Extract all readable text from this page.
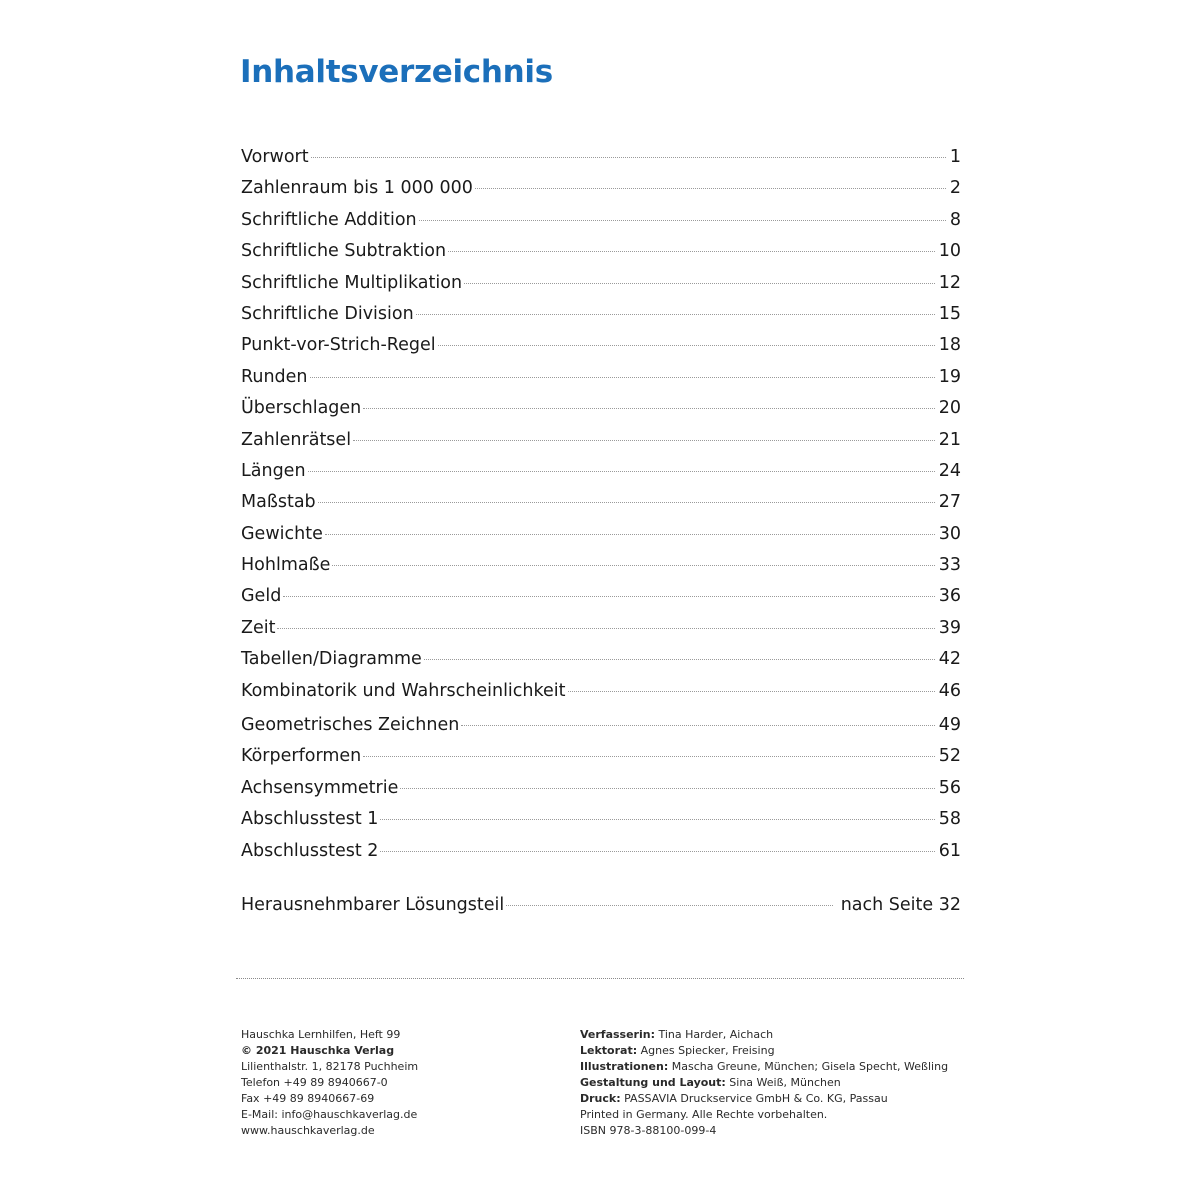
Inhaltsverzeichnis
Vorwort	1
Zahlenraum bis 1 000 000	2
Schriftliche Addition	8
Schriftliche Subtraktion	10
Schriftliche Multiplikation	12
Schriftliche Division	15
Punkt-vor-Strich-Regel	18
Runden	19
Überschlagen	20
Zahlenrätsel	21
Längen	24
Maßstab	27
Gewichte	30
Hohlmaße	33
Geld	36
Zeit	39
Tabellen/Diagramme	42
Kombinatorik und Wahrscheinlichkeit	46
Geometrisches Zeichnen	49
Körperformen	52
Achsensymmetrie	56
Abschlusstest 1	58
Abschlusstest 2	61
Herausnehmbarer Lösungsteil	nach Seite 32
Hauschka Lernhilfen, Heft 99
© 2021 Hauschka Verlag
Lilienthalstr. 1, 82178 Puchheim
Telefon +49 89 8940667-0
Fax +49 89 8940667-69
E-Mail: info@hauschkaverlag.de
www.hauschkaverlag.de
Verfasserin: Tina Harder, Aichach
Lektorat: Agnes Spiecker, Freising
Illustrationen: Mascha Greune, München; Gisela Specht, Weßling
Gestaltung und Layout: Sina Weiß, München
Druck: PASSAVIA Druckservice GmbH & Co. KG, Passau
Printed in Germany. Alle Rechte vorbehalten.
ISBN 978-3-88100-099-4
